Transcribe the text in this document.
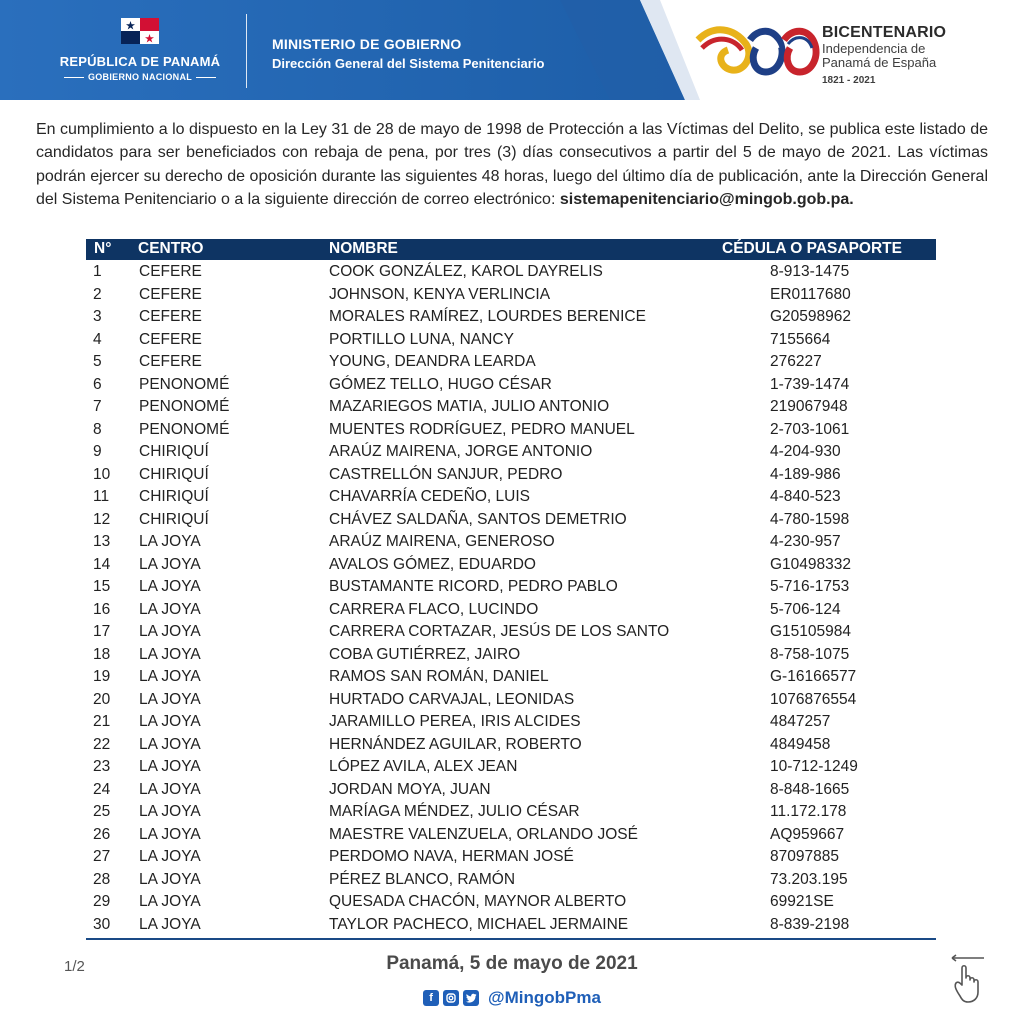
REPÚBLICA DE PANAMÁ
GOBIERNO NACIONAL
MINISTERIO DE GOBIERNO
Dirección General del Sistema Penitenciario
BICENTENARIO
Independencia de
Panamá de España
1821 - 2021

En cumplimiento a lo dispuesto en la Ley 31 de 28 de mayo de 1998 de Protección a las Víctimas del Delito, se publica este listado de candidatos para ser beneficiados con rebaja de pena, por tres (3) días consecutivos a partir del 5 de mayo de 2021. Las víctimas podrán ejercer su derecho de oposición durante las siguientes 48 horas, luego del último día de publicación, ante la Dirección General del Sistema Penitenciario o a la siguiente dirección de correo electrónico: sistemapenitenciario@mingob.gob.pa.

N° CENTRO	NOMBRE	CÉDULA O PASAPORTE
1 CEFERE	COOK GONZÁLEZ, KAROL DAYRELIS	8-913-1475
2 CEFERE	JOHNSON, KENYA VERLINCIA	ER0117680
3 CEFERE	MORALES RAMÍREZ, LOURDES BERENICE	G20598962
4 CEFERE	PORTILLO LUNA, NANCY	7155664
5 CEFERE	YOUNG, DEANDRA LEARDA	276227
6 PENONOMÉ	GÓMEZ TELLO, HUGO CÉSAR	1-739-1474
7 PENONOMÉ	MAZARIEGOS MATIA, JULIO ANTONIO	219067948
8 PENONOMÉ	MUENTES RODRÍGUEZ, PEDRO MANUEL	2-703-1061
9 CHIRIQUÍ	ARAÚZ MAIRENA, JORGE ANTONIO	4-204-930
10 CHIRIQUÍ	CASTRELLÓN SANJUR, PEDRO	4-189-986
11 CHIRIQUÍ	CHAVARRÍA CEDEÑO, LUIS	4-840-523
12 CHIRIQUÍ	CHÁVEZ SALDAÑA, SANTOS DEMETRIO	4-780-1598
13 LA JOYA	ARAÚZ MAIRENA, GENEROSO	4-230-957
14 LA JOYA	AVALOS GÓMEZ, EDUARDO	G10498332
15 LA JOYA	BUSTAMANTE RICORD, PEDRO PABLO	5-716-1753
16 LA JOYA	CARRERA FLACO, LUCINDO	5-706-124
17 LA JOYA	CARRERA CORTAZAR, JESÚS DE LOS SANTO	G15105984
18 LA JOYA	COBA GUTIÉRREZ, JAIRO	8-758-1075
19 LA JOYA	RAMOS SAN ROMÁN, DANIEL	G-16166577
20 LA JOYA	HURTADO CARVAJAL, LEONIDAS	1076876554
21 LA JOYA	JARAMILLO PEREA, IRIS ALCIDES	4847257
22 LA JOYA	HERNÁNDEZ AGUILAR, ROBERTO	4849458
23 LA JOYA	LÓPEZ AVILA, ALEX JEAN	10-712-1249
24 LA JOYA	JORDAN MOYA, JUAN	8-848-1665
25 LA JOYA	MARÍAGA MÉNDEZ, JULIO CÉSAR	11.172.178
26 LA JOYA	MAESTRE VALENZUELA, ORLANDO JOSÉ	AQ959667
27 LA JOYA	PERDOMO NAVA, HERMAN JOSÉ	87097885
28 LA JOYA	PÉREZ BLANCO, RAMÓN	73.203.195
29 LA JOYA	QUESADA CHACÓN, MAYNOR ALBERTO	69921SE
30 LA JOYA	TAYLOR PACHECO, MICHAEL JERMAINE	8-839-2198
1/2	Panamá, 5 de mayo de 2021
f	@MingobPma
